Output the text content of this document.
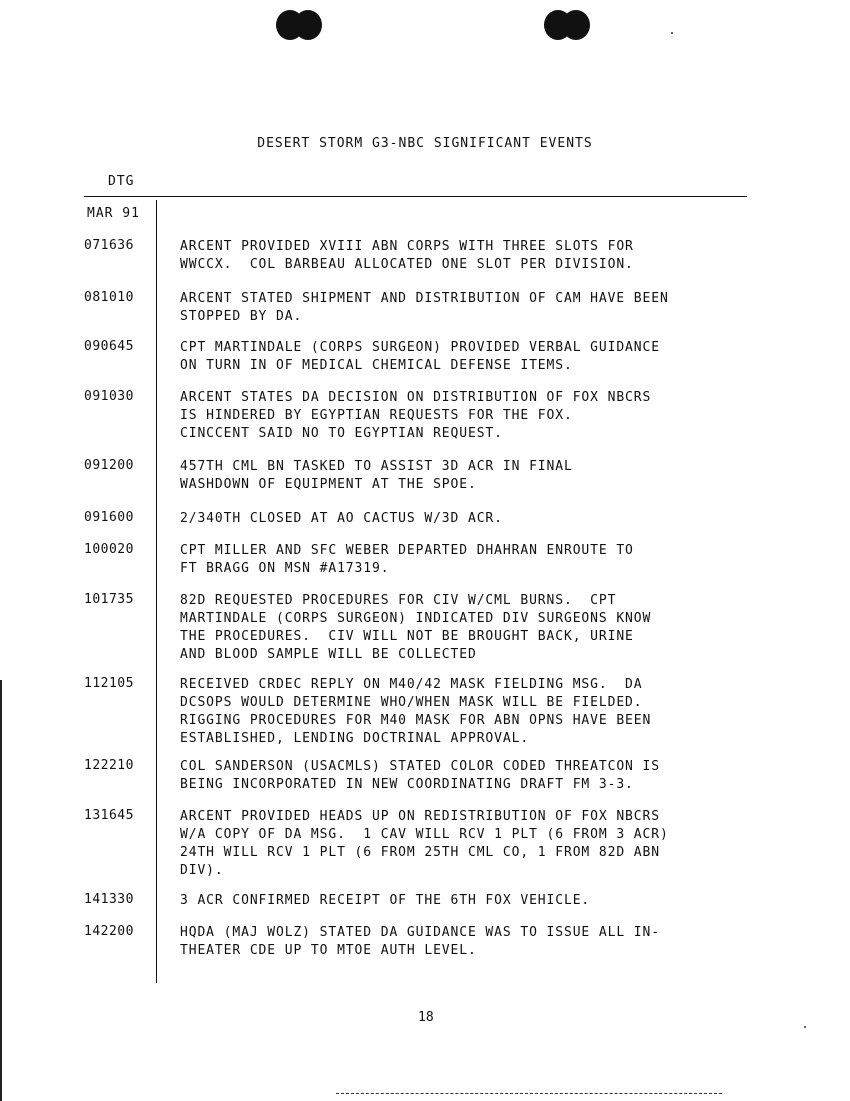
DESERT STORM G3-NBC SIGNIFICANT EVENTS
DTG
MAR 91
071636	ARCENT PROVIDED XVIII ABN CORPS WITH THREE SLOTS FOR
WWCCX.  COL BARBEAU ALLOCATED ONE SLOT PER DIVISION.
081010	ARCENT STATED SHIPMENT AND DISTRIBUTION OF CAM HAVE BEEN
STOPPED BY DA.
090645	CPT MARTINDALE (CORPS SURGEON) PROVIDED VERBAL GUIDANCE
ON TURN IN OF MEDICAL CHEMICAL DEFENSE ITEMS.
091030	ARCENT STATES DA DECISION ON DISTRIBUTION OF FOX NBCRS
IS HINDERED BY EGYPTIAN REQUESTS FOR THE FOX.
CINCCENT SAID NO TO EGYPTIAN REQUEST.
091200	457TH CML BN TASKED TO ASSIST 3D ACR IN FINAL
WASHDOWN OF EQUIPMENT AT THE SPOE.
091600	2/340TH CLOSED AT AO CACTUS W/3D ACR.
100020	CPT MILLER AND SFC WEBER DEPARTED DHAHRAN ENROUTE TO
FT BRAGG ON MSN #A17319.
101735	82D REQUESTED PROCEDURES FOR CIV W/CML BURNS.  CPT
MARTINDALE (CORPS SURGEON) INDICATED DIV SURGEONS KNOW
THE PROCEDURES.  CIV WILL NOT BE BROUGHT BACK, URINE
AND BLOOD SAMPLE WILL BE COLLECTED
112105	RECEIVED CRDEC REPLY ON M40/42 MASK FIELDING MSG.  DA
DCSOPS WOULD DETERMINE WHO/WHEN MASK WILL BE FIELDED.
RIGGING PROCEDURES FOR M40 MASK FOR ABN OPNS HAVE BEEN
ESTABLISHED, LENDING DOCTRINAL APPROVAL.
122210	COL SANDERSON (USACMLS) STATED COLOR CODED THREATCON IS
BEING INCORPORATED IN NEW COORDINATING DRAFT FM 3-3.
131645	ARCENT PROVIDED HEADS UP ON REDISTRIBUTION OF FOX NBCRS
W/A COPY OF DA MSG.  1 CAV WILL RCV 1 PLT (6 FROM 3 ACR)
24TH WILL RCV 1 PLT (6 FROM 25TH CML CO, 1 FROM 82D ABN
DIV).
141330	3 ACR CONFIRMED RECEIPT OF THE 6TH FOX VEHICLE.
142200	HQDA (MAJ WOLZ) STATED DA GUIDANCE WAS TO ISSUE ALL IN-
THEATER CDE UP TO MTOE AUTH LEVEL.
18
